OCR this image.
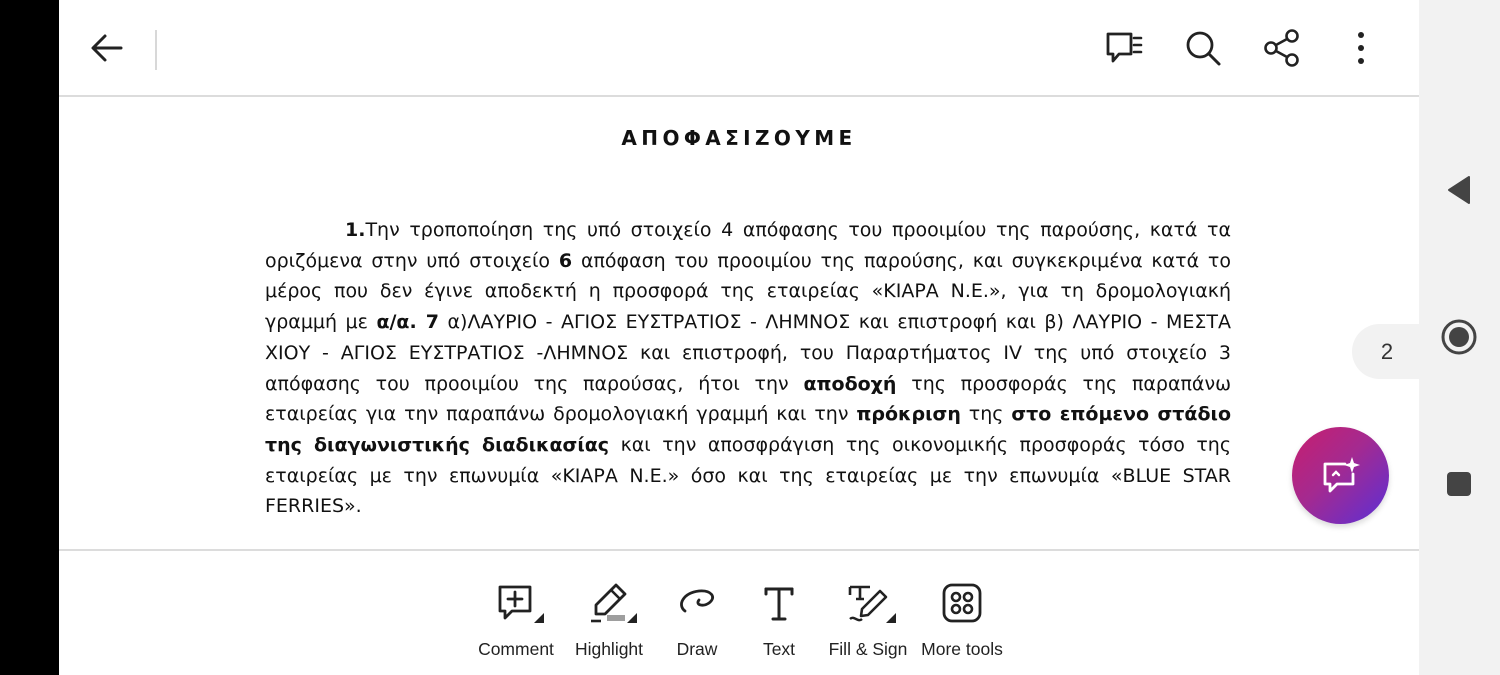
ΑΠΟΦΑΣΙΖΟΥΜΕ

1.Την τροποποίηση της υπό στοιχείο 4 απόφασης του προοιμίου της παρούσης, κατά τα οριζόμενα στην υπό στοιχείο 6 απόφαση του προοιμίου της παρούσης, και συγκεκριμένα κατά το μέρος που δεν έγινε αποδεκτή η προσφορά της εταιρείας «ΚΙΑΡΑ Ν.Ε.», για τη δρομολογιακή γραμμή με α/α. 7 α)ΛΑΥΡΙΟ - ΑΓΙΟΣ ΕΥΣΤΡΑΤΙΟΣ - ΛΗΜΝΟΣ και επιστροφή και β) ΛΑΥΡΙΟ - ΜΕΣΤΑ ΧΙΟΥ - ΑΓΙΟΣ ΕΥΣΤΡΑΤΙΟΣ -ΛΗΜΝΟΣ και επιστροφή, του Παραρτήματος IV της υπό στοιχείο 3 απόφασης του προοιμίου της παρούσας, ήτοι την αποδοχή της προσφοράς της παραπάνω εταιρείας για την παραπάνω δρομολογιακή γραμμή και την πρόκριση της στο επόμενο στάδιο της διαγωνιστικής διαδικασίας και την αποσφράγιση της οικονομικής προσφοράς τόσο της εταιρείας με την επωνυμία «ΚΙΑΡΑ Ν.Ε.» όσο και της εταιρείας με την επωνυμία «BLUE STAR FERRIES».

Comment Highlight Draw	Text Fill & Sign More tools
2
